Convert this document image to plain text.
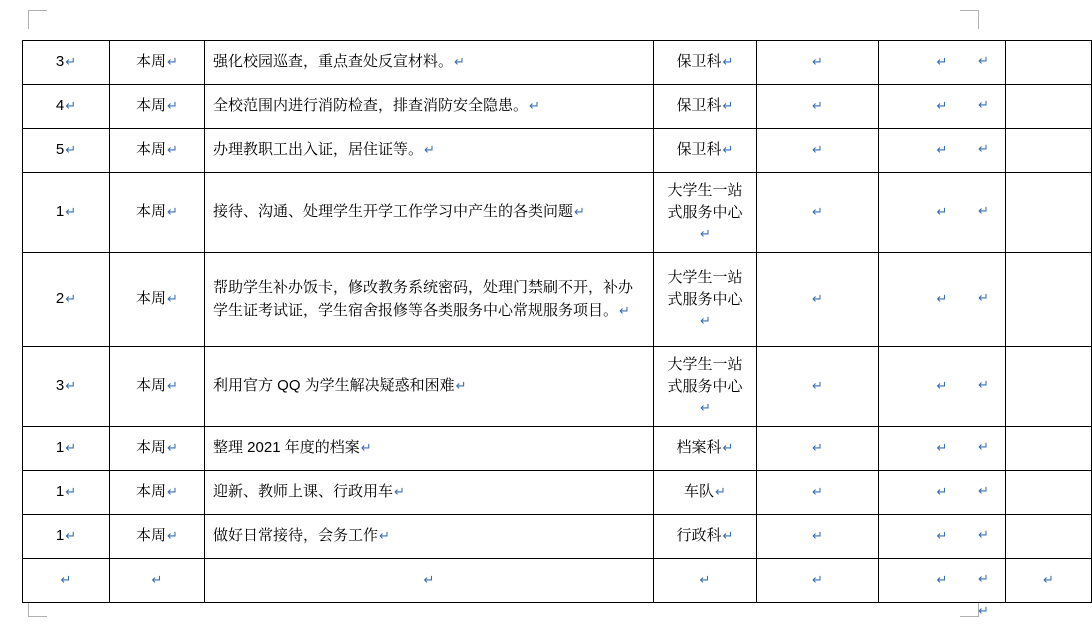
3↵	本周↵	强化校园巡查，重点查处反宣材料。↵	保卫科↵	↵	↵	

4↵	本周↵	全校范围内进行消防检查，排查消防安全隐患。↵	保卫科↵	↵	↵	

5↵	本周↵	办理教职工出入证，居住证等。↵	保卫科↵	↵	↵	

1↵	本周↵	接待、沟通、处理学生开学工作学习中产生的各类问题↵	大学生一站式服务中心↵	↵	↵	

2↵	本周↵	帮助学生补办饭卡，修改教务系统密码，处理门禁刷不开，补办学生证考试证，学生宿舍报修等各类服务中心常规服务项目。↵	大学生一站式服务中心↵	↵	↵	

3↵	本周↵	利用官方 QQ 为学生解决疑惑和困难↵	大学生一站式服务中心↵	↵	↵	

1↵	本周↵	整理 2021 年度的档案↵	档案科↵	↵	↵	

1↵	本周↵	迎新、教师上课、行政用车↵	车队↵	↵	↵	

1↵	本周↵	做好日常接待，会务工作↵	行政科↵	↵	↵	

↵	↵	↵	↵	↵	↵	↵
↵
↵
↵
↵
↵
↵
↵
↵
↵
↵
↵
